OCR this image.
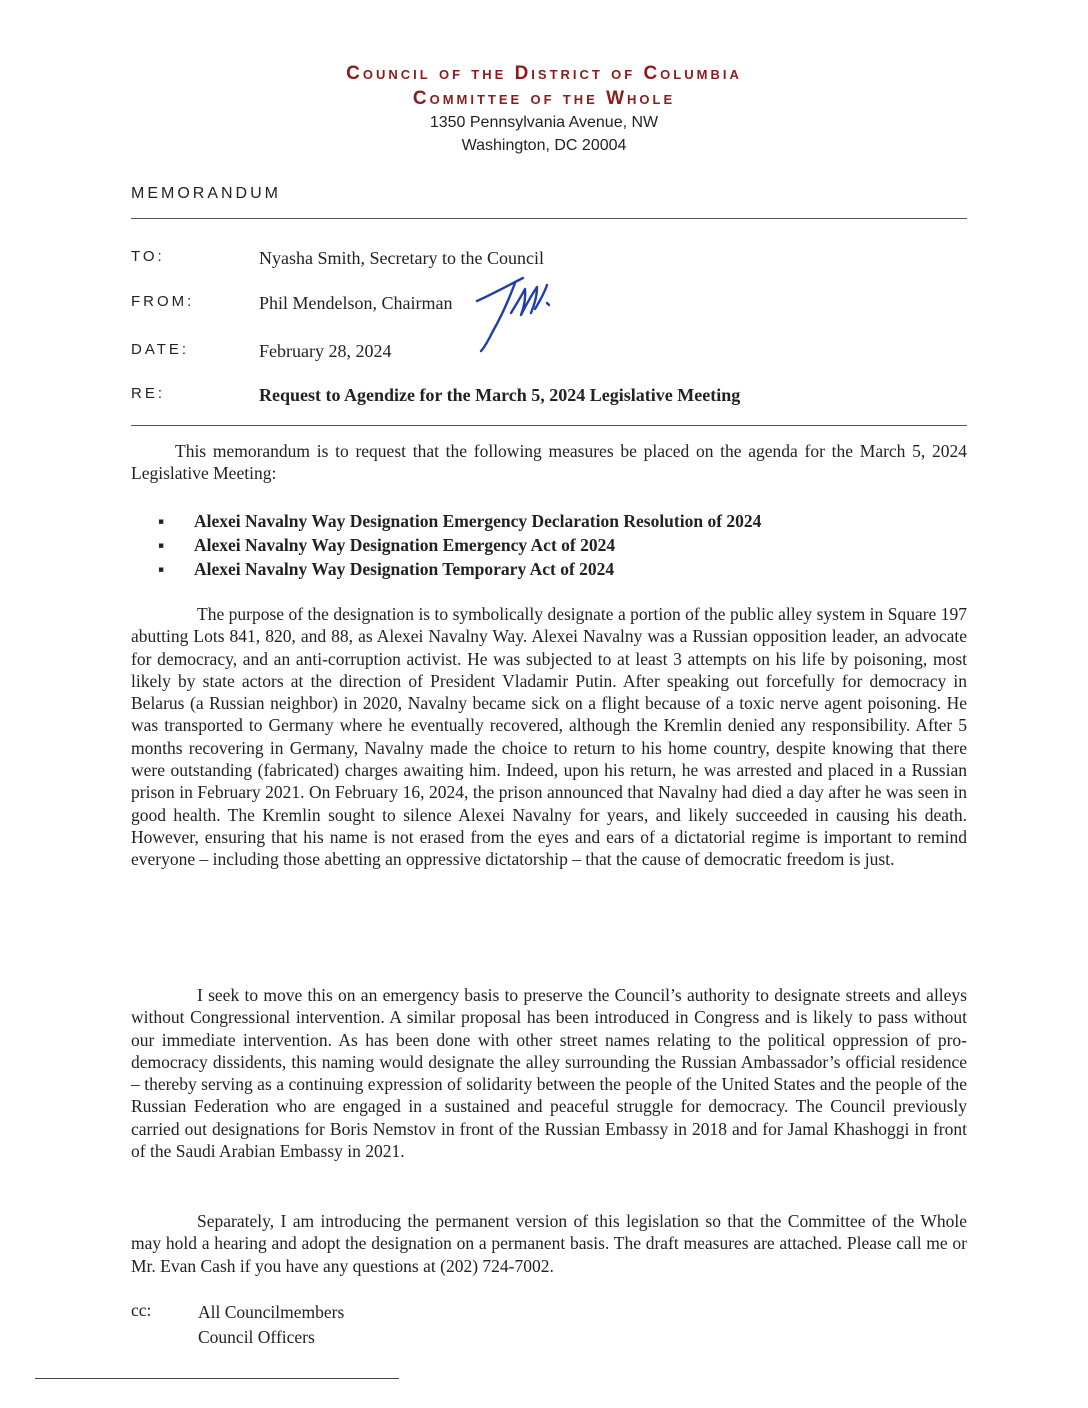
Council of the District of Columbia
Committee of the Whole
1350 Pennsylvania Avenue, NW
Washington, DC 20004
MEMORANDUM
TO:	Nyasha Smith, Secretary to the Council
FROM:	Phil Mendelson, Chairman
DATE:	February 28, 2024
RE:	Request to Agendize for the March 5, 2024 Legislative Meeting

This memorandum is to request that the following measures be placed on the agenda for the March 5, 2024 Legislative Meeting:

▪ Alexei Navalny Way Designation Emergency Declaration Resolution of 2024
▪ Alexei Navalny Way Designation Emergency Act of 2024
▪ Alexei Navalny Way Designation Temporary Act of 2024

The purpose of the designation is to symbolically designate a portion of the public alley system in Square 197 abutting Lots 841, 820, and 88, as Alexei Navalny Way. Alexei Navalny was a Russian opposition leader, an advocate for democracy, and an anti-corruption activist. He was subjected to at least 3 attempts on his life by poisoning, most likely by state actors at the direction of President Vladamir Putin. After speaking out forcefully for democracy in Belarus (a Russian neighbor) in 2020, Navalny became sick on a flight because of a toxic nerve agent poisoning. He was transported to Germany where he eventually recovered, although the Kremlin denied any responsibility. After 5 months recovering in Germany, Navalny made the choice to return to his home country, despite knowing that there were outstanding (fabricated) charges awaiting him. Indeed, upon his return, he was arrested and placed in a Russian prison in February 2021. On February 16, 2024, the prison announced that Navalny had died a day after he was seen in good health. The Kremlin sought to silence Alexei Navalny for years, and likely succeeded in causing his death. However, ensuring that his name is not erased from the eyes and ears of a dictatorial regime is important to remind everyone – including those abetting an oppressive dictatorship – that the cause of democratic freedom is just.

I seek to move this on an emergency basis to preserve the Council’s authority to designate streets and alleys without Congressional intervention. A similar proposal has been introduced in Congress and is likely to pass without our immediate intervention. As has been done with other street names relating to the political oppression of pro-democracy dissidents, this naming would designate the alley surrounding the Russian Ambassador’s official residence – thereby serving as a continuing expression of solidarity between the people of the United States and the people of the Russian Federation who are engaged in a sustained and peaceful struggle for democracy. The Council previously carried out designations for Boris Nemstov in front of the Russian Embassy in 2018 and for Jamal Khashoggi in front of the Saudi Arabian Embassy in 2021.

Separately, I am introducing the permanent version of this legislation so that the Committee of the Whole may hold a hearing and adopt the designation on a permanent basis. The draft measures are attached. Please call me or Mr. Evan Cash if you have any questions at (202) 724-7002.

cc:	All Councilmembers
Council Officers
